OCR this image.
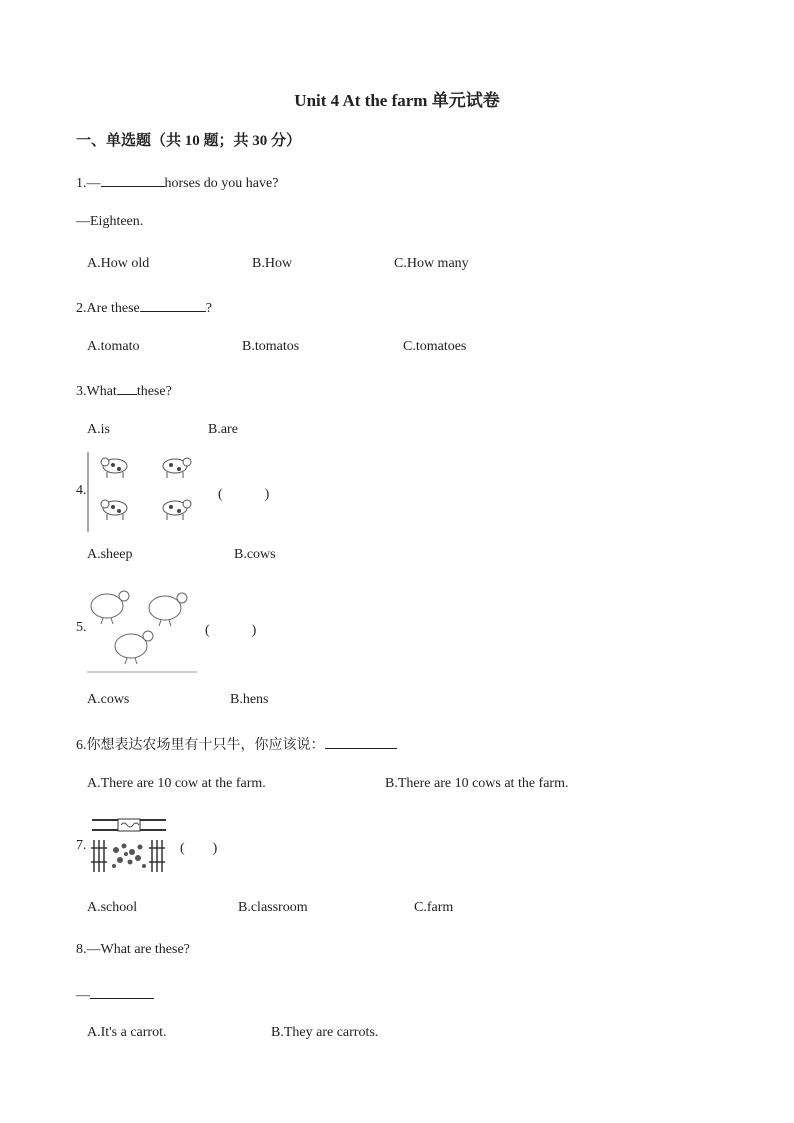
Unit 4 At the farm 单元试卷
一、单选题（共 10 题；共 30 分）
1.—	horses do you have?
—Eighteen.
A.How old	B.How	C.How many
2.Are these	?
A.tomato	B.tomatos	C.tomatoes
3.What these?
A.is	B.are
4.	(　　　)
A.sheep	B.cows
5.	(　　　)
A.cows	B.hens
6.你想表达农场里有十只牛，你应该说：
A.There are 10 cow at the farm.	B.There are 10 cows at the farm.
7.	(　　)
A.school	B.classroom	C.farm
8.—What are these?
—
A.It's a carrot.	B.They are carrots.
